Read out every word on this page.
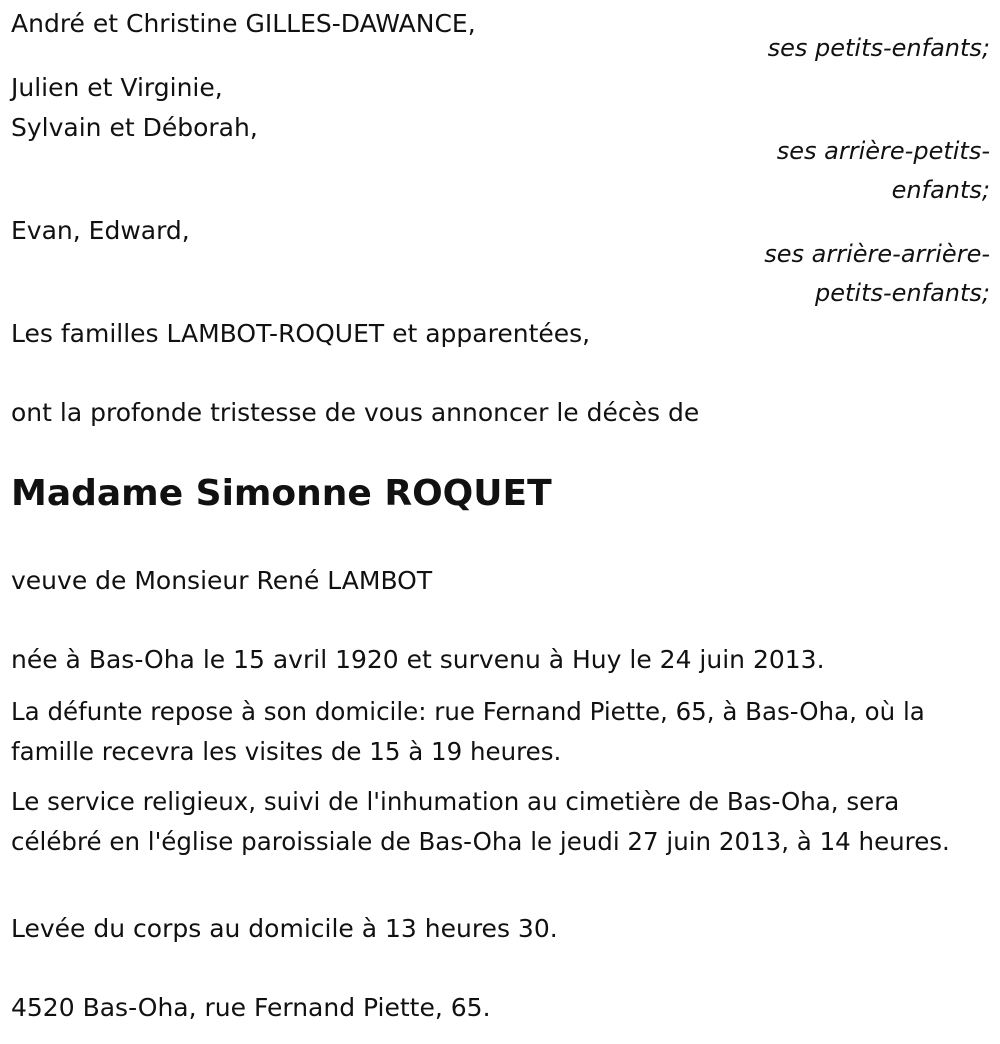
André et Christine GILLES-DAWANCE,
ses petits-enfants;
Julien et Virginie,
Sylvain et Déborah,
ses arrière-petits-
enfants;
Evan, Edward,
ses arrière-arrière-
petits-enfants;
Les familles LAMBOT-ROQUET et apparentées,
ont la profonde tristesse de vous annoncer le décès de
Madame Simonne ROQUET
veuve de Monsieur René LAMBOT
née à Bas-Oha le 15 avril 1920 et survenu à Huy le 24 juin 2013.
La défunte repose à son domicile: rue Fernand Piette, 65, à Bas-Oha, où la famille recevra les visites de 15 à 19 heures.
Le service religieux, suivi de l'inhumation au cimetière de Bas-Oha, sera célébré en l'église paroissiale de Bas-Oha le jeudi 27 juin 2013, à 14 heures.
Levée du corps au domicile à 13 heures 30.
4520 Bas-Oha, rue Fernand Piette, 65.
